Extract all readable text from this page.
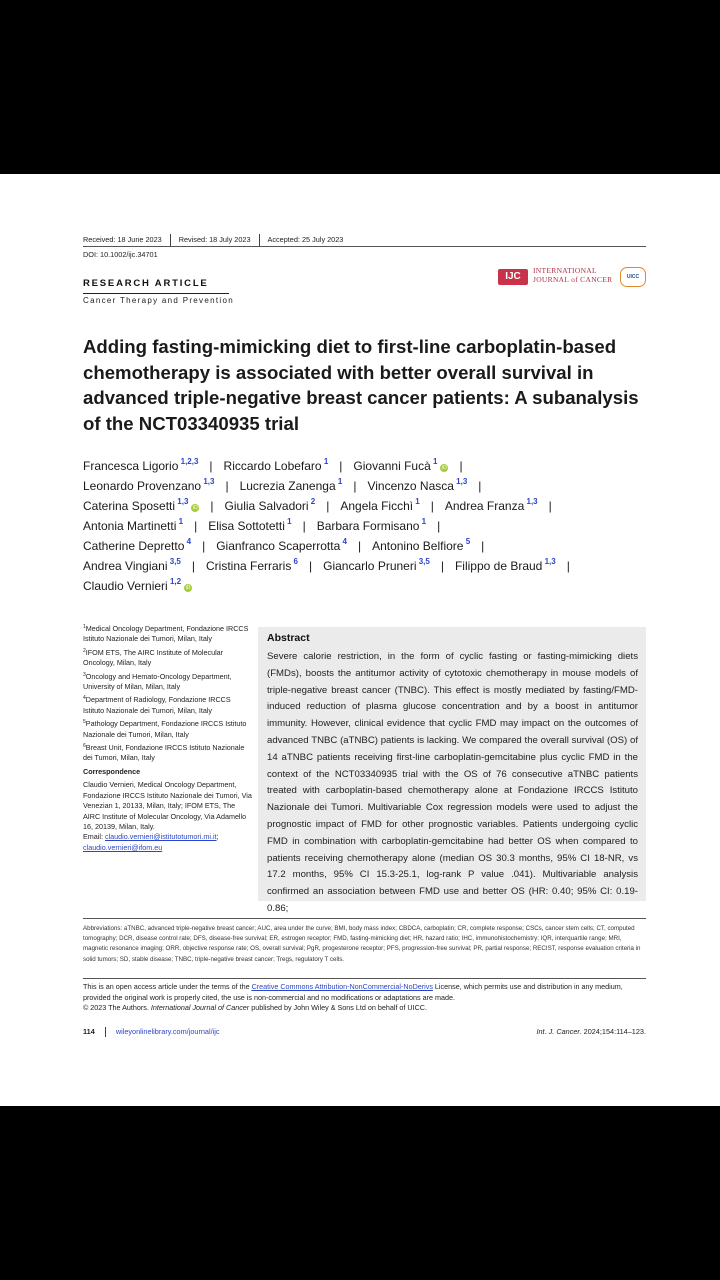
Received: 18 June 2023 Revised: 18 July 2023 Accepted: 25 July 2023
DOI: 10.1002/ijc.34701
RESEARCH ARTICLE
Cancer Therapy and Prevention
IJC
INTERNATIONAL
JOURNAL of CANCER	UICC
Adding fasting-mimicking diet to first-line carboplatin-based chemotherapy is associated with better overall survival in advanced triple-negative breast cancer patients: A subanalysis of the NCT03340935 trial
Francesca Ligorio $^{1,2,3}$ | Riccardo Lobefaro $^1$ | Giovanni Fucà $^1$iD |
Leonardo Provenzano $^{1,3}$ | Lucrezia Zanenga $^1$ | Vincenzo Nasca $^{1,3}$ |
Caterina Sposetti $^{1,3}$iD | Giulia Salvadori $^2$ | Angela Ficchì $^1$ | Andrea Franza $^{1,3}$ |
Antonia Martinetti $^1$ | Elisa Sottotetti $^1$ | Barbara Formisano $^1$ |
Catherine Depretto $^4$ | Gianfranco Scaperrotta $^4$ | Antonino Belfiore $^5$ |
Andrea Vingiani $^{3,5}$ | Cristina Ferraris $^6$ | Giancarlo Pruneri $^{3,5}$ | Filippo de Braud $^{1,3}$ |
Claudio Vernieri $^{1,2}$iD

$^1$Medical Oncology Department, Fondazione IRCCS Istituto Nazionale dei Tumori, Milan, Italy

$^2$IFOM ETS, The AIRC Institute of Molecular Oncology, Milan, Italy

$^3$Oncology and Hemato-Oncology Department, University of Milan, Milan, Italy

$^4$Department of Radiology, Fondazione IRCCS Istituto Nazionale dei Tumori, Milan, Italy

$^5$Pathology Department, Fondazione IRCCS Istituto Nazionale dei Tumori, Milan, Italy

$^6$Breast Unit, Fondazione IRCCS Istituto Nazionale dei Tumori, Milan, Italy

Correspondence

Claudio Vernieri, Medical Oncology Department, Fondazione IRCCS Istituto Nazionale dei Tumori, Via Venezian 1, 20133, Milan, Italy; IFOM ETS, The AIRC Institute of Molecular Oncology, Via Adamello 16, 20139, Milan, Italy.

Email: claudio.vernieri@istitutotumori.mi.it; claudio.vernieri@ifom.eu

Abstract
Severe calorie restriction, in the form of cyclic fasting or fasting-mimicking diets (FMDs), boosts the antitumor activity of cytotoxic chemotherapy in mouse models of triple-negative breast cancer (TNBC). This effect is mostly mediated by fasting/FMD-induced reduction of plasma glucose concentration and by a boost in antitumor immunity. However, clinical evidence that cyclic FMD may impact on the outcomes of advanced TNBC (aTNBC) patients is lacking. We compared the overall survival (OS) of 14 aTNBC patients receiving first-line carboplatin-gemcitabine plus cyclic FMD in the context of the NCT03340935 trial with the OS of 76 consecutive aTNBC patients treated with carboplatin-based chemotherapy alone at Fondazione IRCCS Istituto Nazionale dei Tumori. Multivariable Cox regression models were used to adjust the prognostic impact of FMD for other prognostic variables. Patients undergoing cyclic FMD in combination with carboplatin-gemcitabine had better OS when compared to patients receiving chemotherapy alone (median OS 30.3 months, 95% CI 18-NR, vs 17.2 months, 95% CI 15.3-25.1, log-rank P value .041). Multivariable analysis confirmed an association between FMD use and better OS (HR: 0.40; 95% CI: 0.19-0.86;
Abbreviations: aTNBC, advanced triple-negative breast cancer; AUC, area under the curve; BMI, body mass index; CBDCA, carboplatin; CR, complete response; CSCs, cancer stem cells; CT, computed tomography; DCR, disease control rate; DFS, disease-free survival; ER, estrogen receptor; FMD, fasting-mimicking diet; HR, hazard ratio; IHC, immunohistochemistry; IQR, interquartile range; MRI, magnetic resonance imaging; ORR, objective response rate; OS, overall survival; PgR, progesterone receptor; PFS, progression-free survival; PR, partial response; RECIST, response evaluation criteria in solid tumors; SD, stable disease; TNBC, triple-negative breast cancer; Tregs, regulatory T cells.
This is an open access article under the terms of the Creative Commons Attribution-NonCommercial-NoDerivs License, which permits use and distribution in any medium, provided the original work is properly cited, the use is non-commercial and no modifications or adaptations are made.
© 2023 The Authors. International Journal of Cancer published by John Wiley & Sons Ltd on behalf of UICC.
114	wileyonlinelibrary.com/journal/ijc	Int. J. Cancer. 2024;154:114–123.
